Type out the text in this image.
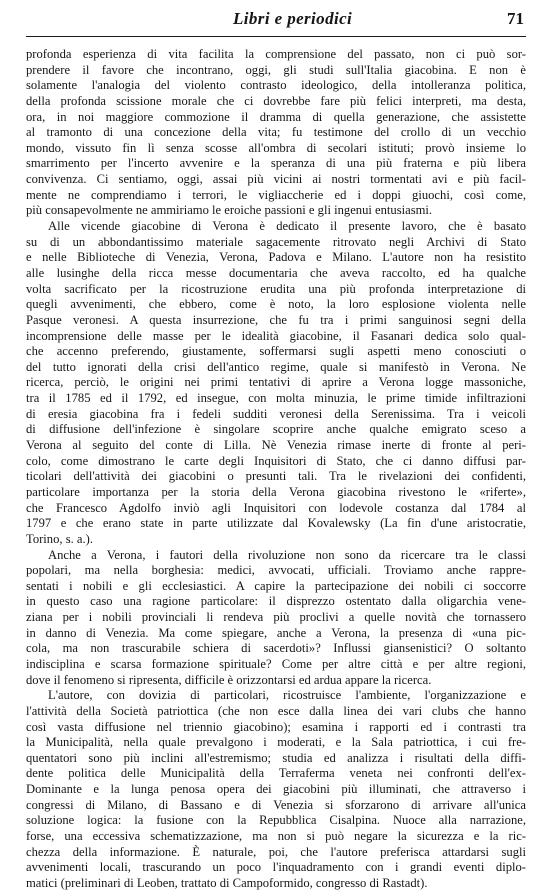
Libri e periodici	71
profonda esperienza di vita facilita la comprensione del passato, non ci può sor-
prendere il favore che incontrano, oggi, gli studi sull'Italia giacobina. E non è
solamente l'analogia del violento contrasto ideologico, della intolleranza politica,
della profonda scissione morale che ci dovrebbe fare più felici interpreti, ma desta,
ora, in noi maggiore commozione il dramma di quella generazione, che assistette
al tramonto di una concezione della vita; fu testimone del crollo di un vecchio
mondo, vissuto fin lì senza scosse all'ombra di secolari istituti; provò insieme lo
smarrimento per l'incerto avvenire e la speranza di una più fraterna e più libera
convivenza. Ci sentiamo, oggi, assai più vicini ai nostri tormentati avi e più facil-
mente ne comprendiamo i terrori, le vigliaccherie ed i doppi giuochi, così come,
più consapevolmente ne ammiriamo le eroiche passioni e gli ingenui entusiasmi.
Alle vicende giacobine di Verona è dedicato il presente lavoro, che è basato
su di un abbondantissimo materiale sagacemente ritrovato negli Archivi di Stato
e nelle Biblioteche di Venezia, Verona, Padova e Milano. L'autore non ha resistito
alle lusinghe della ricca messe documentaria che aveva raccolto, ed ha qualche
volta sacrificato per la ricostruzione erudita una più profonda interpretazione di
quegli avvenimenti, che ebbero, come è noto, la loro esplosione violenta nelle
Pasque veronesi. A questa insurrezione, che fu tra i primi sanguinosi segni della
incomprensione delle masse per le idealità giacobine, il Fasanari dedica solo qual-
che accenno preferendo, giustamente, soffermarsi sugli aspetti meno conosciuti o
del tutto ignorati della crisi dell'antico regime, quale si manifestò in Verona. Ne
ricerca, perciò, le origini nei primi tentativi di aprire a Verona logge massoniche,
tra il 1785 ed il 1792, ed insegue, con molta minuzia, le prime timide infiltrazioni
di eresia giacobina fra i fedeli sudditi veronesi della Serenissima. Tra i veicoli
di diffusione dell'infezione è singolare scoprire anche qualche emigrato sceso a
Verona al seguito del conte di Lilla. Nè Venezia rimase inerte di fronte al peri-
colo, come dimostrano le carte degli Inquisitori di Stato, che ci danno diffusi par-
ticolari dell'attività dei giacobini o presunti tali. Tra le rivelazioni dei confidenti,
particolare importanza per la storia della Verona giacobina rivestono le «riferte»,
che Francesco Agdolfo inviò agli Inquisitori con lodevole costanza dal 1784 al
1797 e che erano state in parte utilizzate dal Kovalewsky (La fin d'une aristocratie,
Torino, s. a.).
Anche a Verona, i fautori della rivoluzione non sono da ricercare tra le classi
popolari, ma nella borghesia: medici, avvocati, ufficiali. Troviamo anche rappre-
sentati i nobili e gli ecclesiastici. A capire la partecipazione dei nobili ci soccorre
in questo caso una ragione particolare: il disprezzo ostentato dalla oligarchia vene-
ziana per i nobili provinciali li rendeva più proclivi a quelle novità che tornassero
in danno di Venezia. Ma come spiegare, anche a Verona, la presenza di «una pic-
cola, ma non trascurabile schiera di sacerdoti»? Influssi giansenistici? O soltanto
indisciplina e scarsa formazione spirituale? Come per altre città e per altre regioni,
dove il fenomeno si ripresenta, difficile è orizzontarsi ed ardua appare la ricerca.
L'autore, con dovizia di particolari, ricostruisce l'ambiente, l'organizzazione e
l'attività della Società patriottica (che non esce dalla linea dei vari clubs che hanno
così vasta diffusione nel triennio giacobino); esamina i rapporti ed i contrasti tra
la Municipalità, nella quale prevalgono i moderati, e la Sala patriottica, i cui fre-
quentatori sono più inclini all'estremismo; studia ed analizza i risultati della diffi-
dente politica delle Municipalità della Terraferma veneta nei confronti dell'ex-
Dominante e la lunga penosa opera dei giacobini più illuminati, che attraverso i
congressi di Milano, di Bassano e di Venezia si sforzarono di arrivare all'unica
soluzione logica: la fusione con la Repubblica Cisalpina. Nuoce alla narrazione,
forse, una eccessiva schematizzazione, ma non si può negare la sicurezza e la ric-
chezza della informazione. È naturale, poi, che l'autore preferisca attardarsi sugli
avvenimenti locali, trascurando un poco l'inquadramento con i grandi eventi diplo-
matici (preliminari di Leoben, trattato di Campoformido, congresso di Rastadt).
